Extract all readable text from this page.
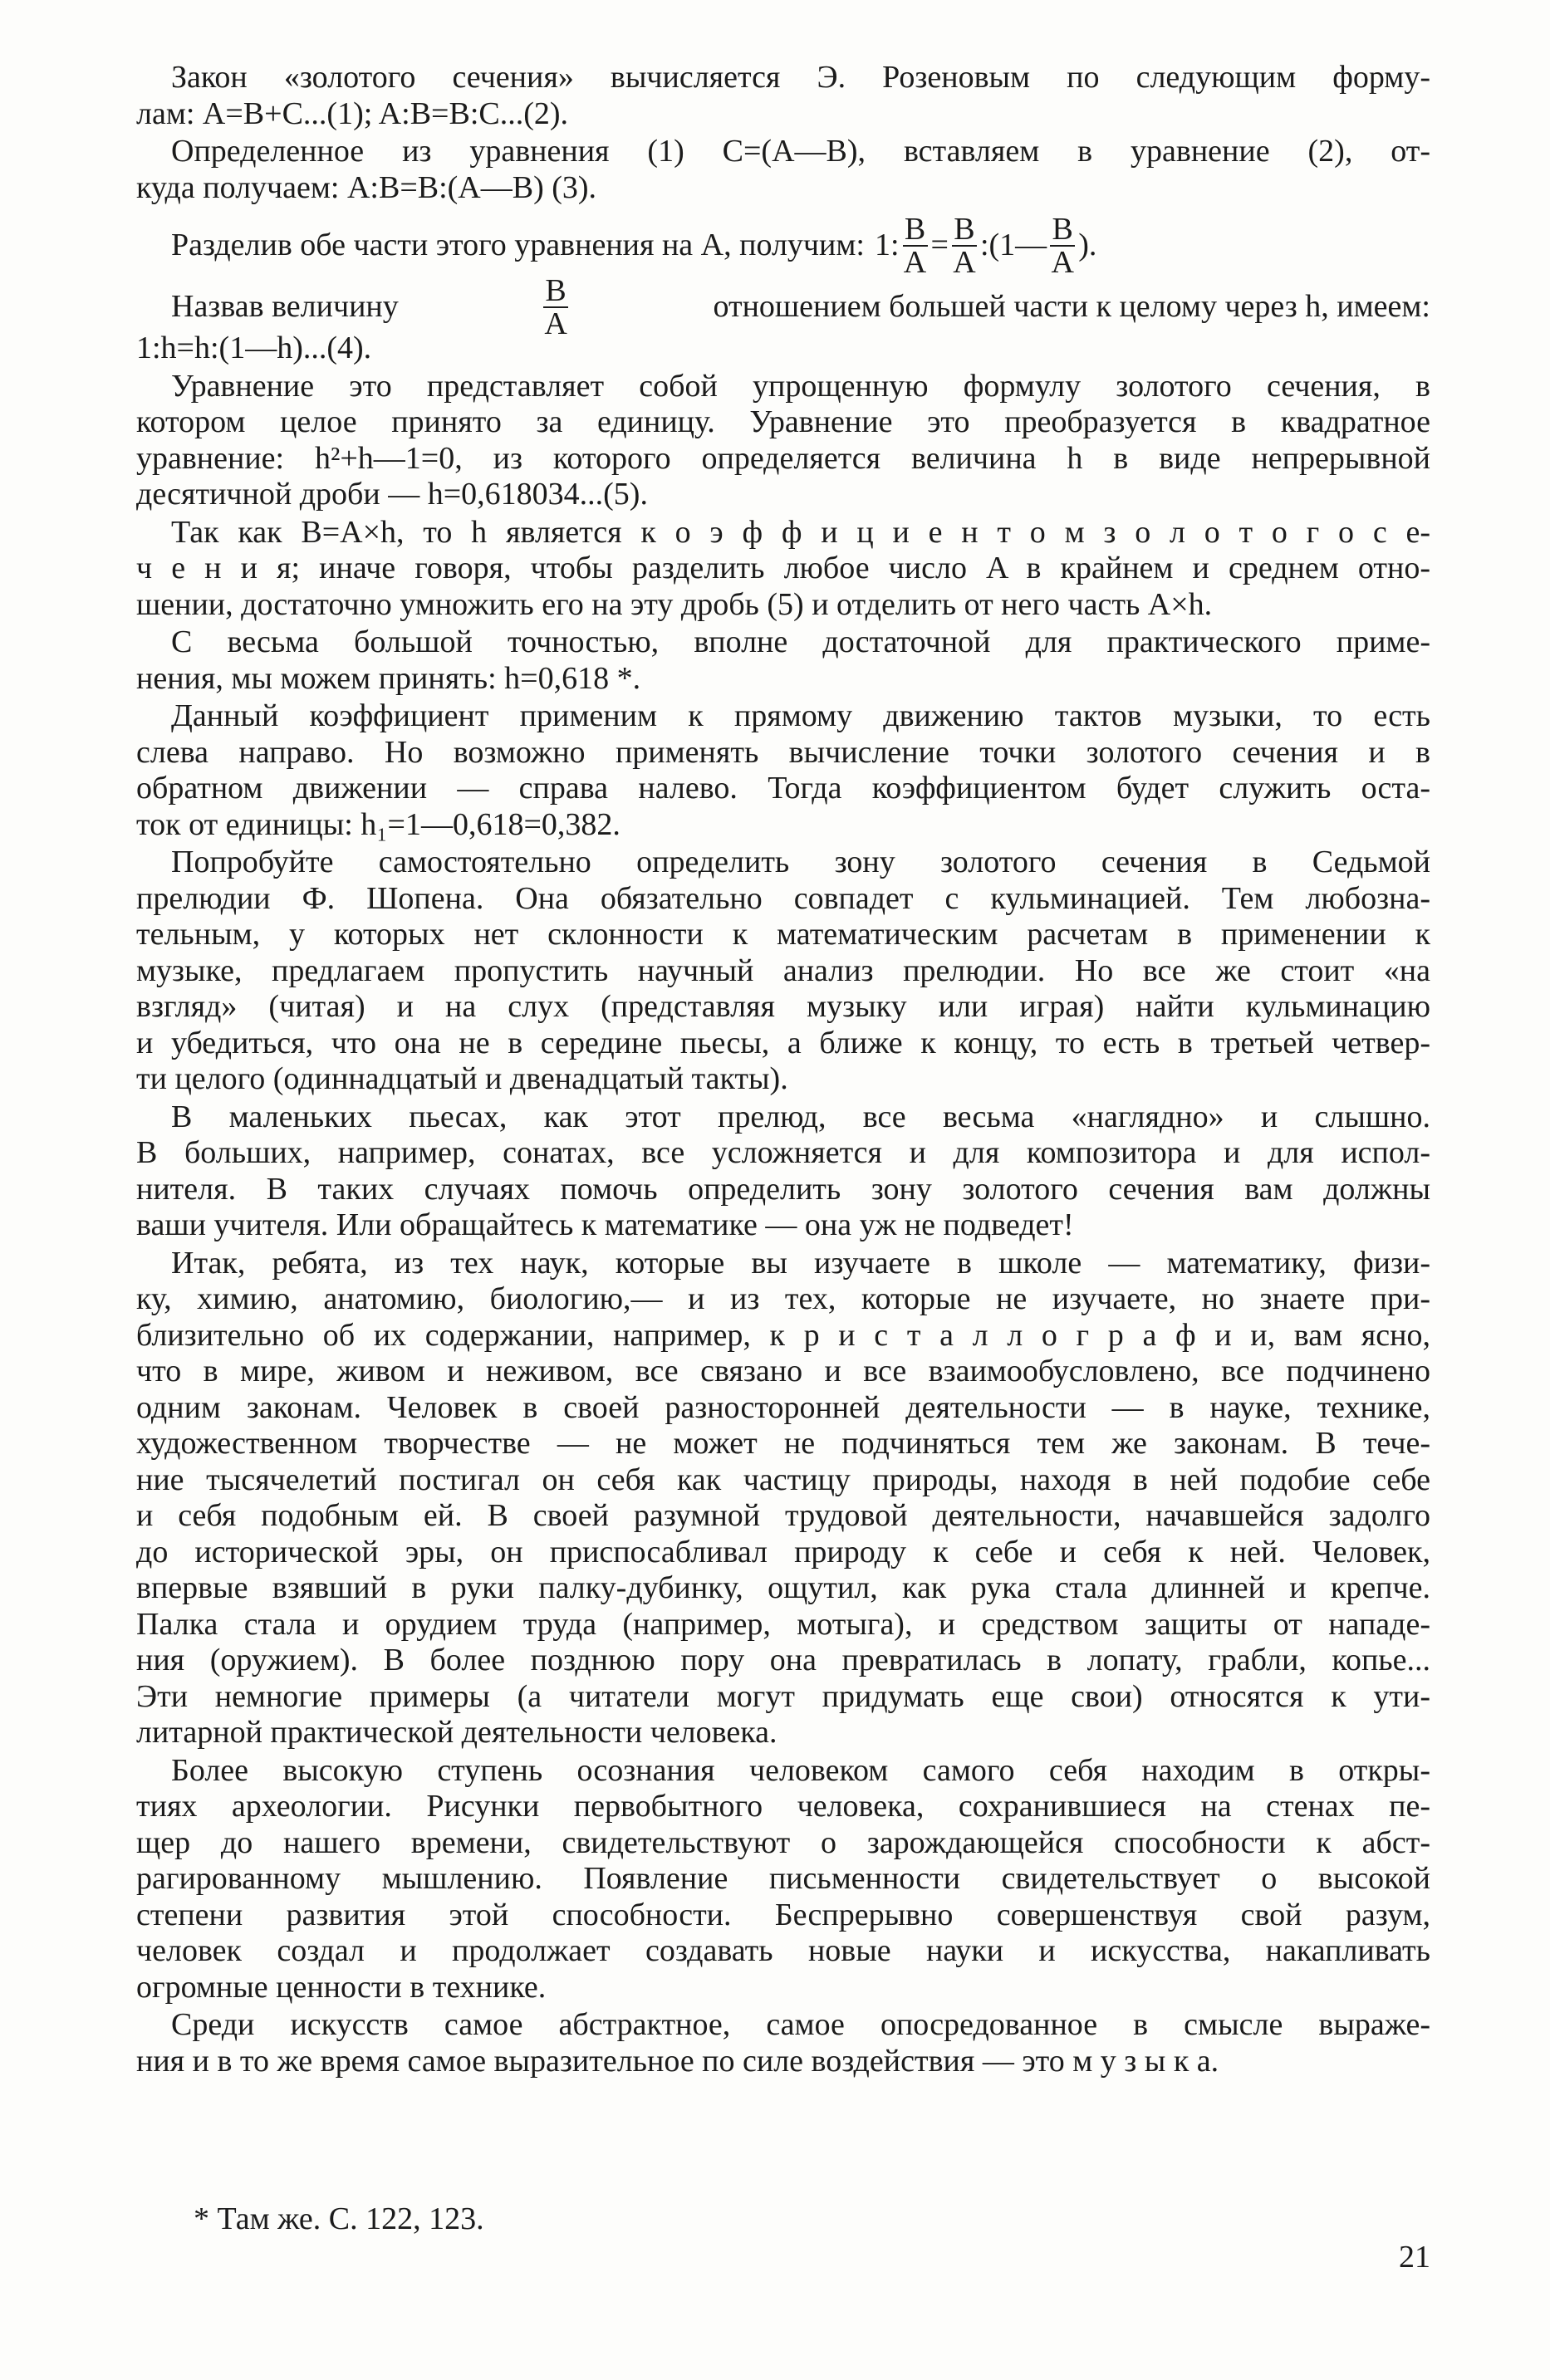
Закон «золотого сечения» вычисляется Э. Розеновым по следующим форму-
лам: A=B+C...(1); A:B=B:C...(2).
Определенное из уравнения (1) C=(A—B), вставляем в уравнение (2), от-
куда получаем: A:B=B:(A—B) (3).
Разделив обе части этого уравнения на A, получим: 1: $\frac{B}{A} = \frac{B}{A}$ :(1— $\frac{B}{A}$ ).
Назвав величину	$\frac{B}{A}$	отношением большей части к целому через h, имеем:
1:h=h:(1—h)...(4).
Уравнение это представляет собой упрощенную формулу золотого сечения, в
котором целое принято за единицу. Уравнение это преобразуется в квадратное
уравнение: h²+h—1=0, из которого определяется величина h в виде непрерывной
десятичной дроби — h=0,618034...(5).
Так как B=A×h, то h является к о э ф ф и ц и е н т о м з о л о т о г о с е-
ч е н и я; иначе говоря, чтобы разделить любое число A в крайнем и среднем отно-
шении, достаточно умножить его на эту дробь (5) и отделить от него часть A×h.
С весьма большой точностью, вполне достаточной для практического приме-
нения, мы можем принять: h=0,618 *.
Данный коэффициент применим к прямому движению тактов музыки, то есть
слева направо. Но возможно применять вычисление точки золотого сечения и в
обратном движении — справа налево. Тогда коэффициентом будет служить оста-
ток от единицы: h₁=1—0,618=0,382.
Попробуйте самостоятельно определить зону золотого сечения в Седьмой
прелюдии Ф. Шопена. Она обязательно совпадет с кульминацией. Тем любозна-
тельным, у которых нет склонности к математическим расчетам в применении к
музыке, предлагаем пропустить научный анализ прелюдии. Но все же стоит «на
взгляд» (читая) и на слух (представляя музыку или играя) найти кульминацию
и убедиться, что она не в середине пьесы, а ближе к концу, то есть в третьей четвер-
ти целого (одиннадцатый и двенадцатый такты).
В маленьких пьесах, как этот прелюд, все весьма «наглядно» и слышно.
В больших, например, сонатах, все усложняется и для композитора и для испол-
нителя. В таких случаях помочь определить зону золотого сечения вам должны
ваши учителя. Или обращайтесь к математике — она уж не подведет!
Итак, ребята, из тех наук, которые вы изучаете в школе — математику, физи-
ку, химию, анатомию, биологию,— и из тех, которые не изучаете, но знаете при-
близительно об их содержании, например, к р и с т а л л о г р а ф и и, вам ясно,
что в мире, живом и неживом, все связано и все взаимообусловлено, все подчинено
одним законам. Человек в своей разносторонней деятельности — в науке, технике,
художественном творчестве — не может не подчиняться тем же законам. В тече-
ние тысячелетий постигал он себя как частицу природы, находя в ней подобие себе
и себя подобным ей. В своей разумной трудовой деятельности, начавшейся задолго
до исторической эры, он приспосабливал природу к себе и себя к ней. Человек,
впервые взявший в руки палку-дубинку, ощутил, как рука стала длинней и крепче.
Палка стала и орудием труда (например, мотыга), и средством защиты от нападе-
ния (оружием). В более позднюю пору она превратилась в лопату, грабли, копье...
Эти немногие примеры (а читатели могут придумать еще свои) относятся к ути-
литарной практической деятельности человека.
Более высокую ступень осознания человеком самого себя находим в откры-
тиях археологии. Рисунки первобытного человека, сохранившиеся на стенах пе-
щер до нашего времени, свидетельствуют о зарождающейся способности к абст-
рагированному мышлению. Появление письменности свидетельствует о высокой
степени развития этой способности. Беспрерывно совершенствуя свой разум,
человек создал и продолжает создавать новые науки и искусства, накапливать
огромные ценности в технике.
Среди искусств самое абстрактное, самое опосредованное в смысле выраже-
ния и в то же время самое выразительное по силе воздействия — это м у з ы к а.
* Там же. С. 122, 123.
21
